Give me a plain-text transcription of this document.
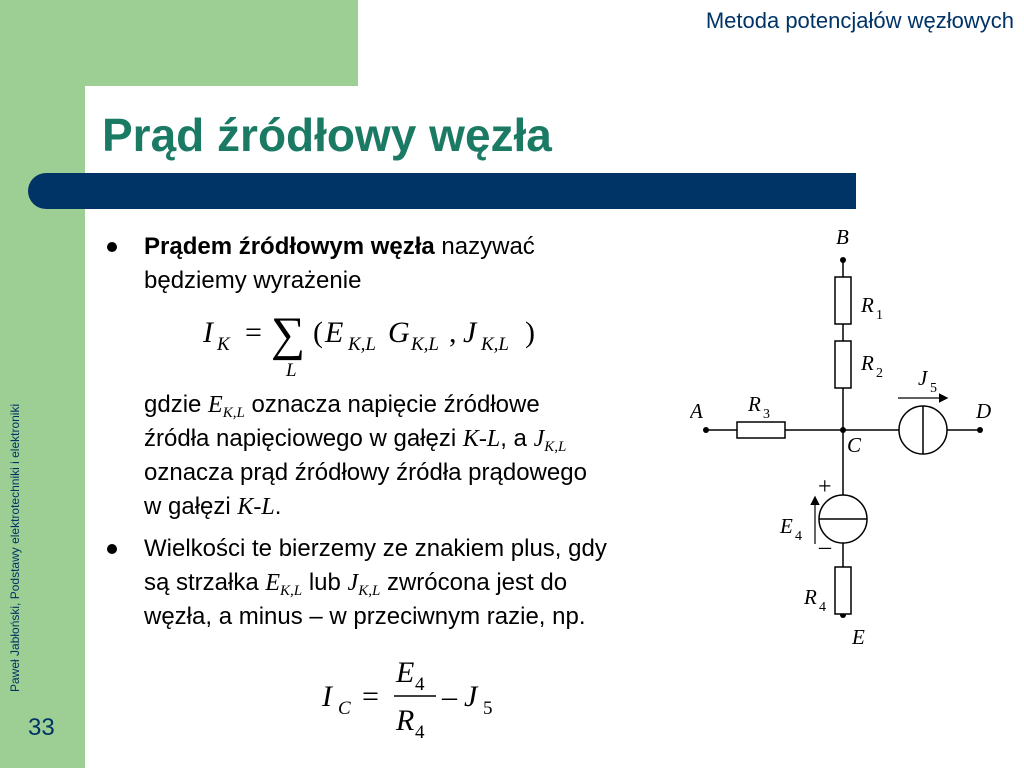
Metoda potencjałów węzłowych
Prąd źródłowy węzła
Paweł Jabłoński, Podstawy elektrotechniki i elektroniki
33
Prądem źródłowym węzła nazywać
będziemy wyrażenie
I K = ∑
L
( E K,L G K,L , J K,L )
gdzie $E_{K,L}$ oznacza napięcie źródłowe
źródła napięciowego w gałęzi K-L, a $J_{K,L}$
oznacza prąd źródłowy źródła prądowego
w gałęzi K-L.
Wielkości te bierzemy ze znakiem plus, gdy
są strzałka $E_{K,L}$ lub $J_{K,L}$ zwrócona jest do
węzła, a minus – w przeciwnym razie, np.
I C =
E 4
R 4
– J 5
B
A	D
C
E
R 1
R 2
R 3
R 4
J 5
E 4
+
–
